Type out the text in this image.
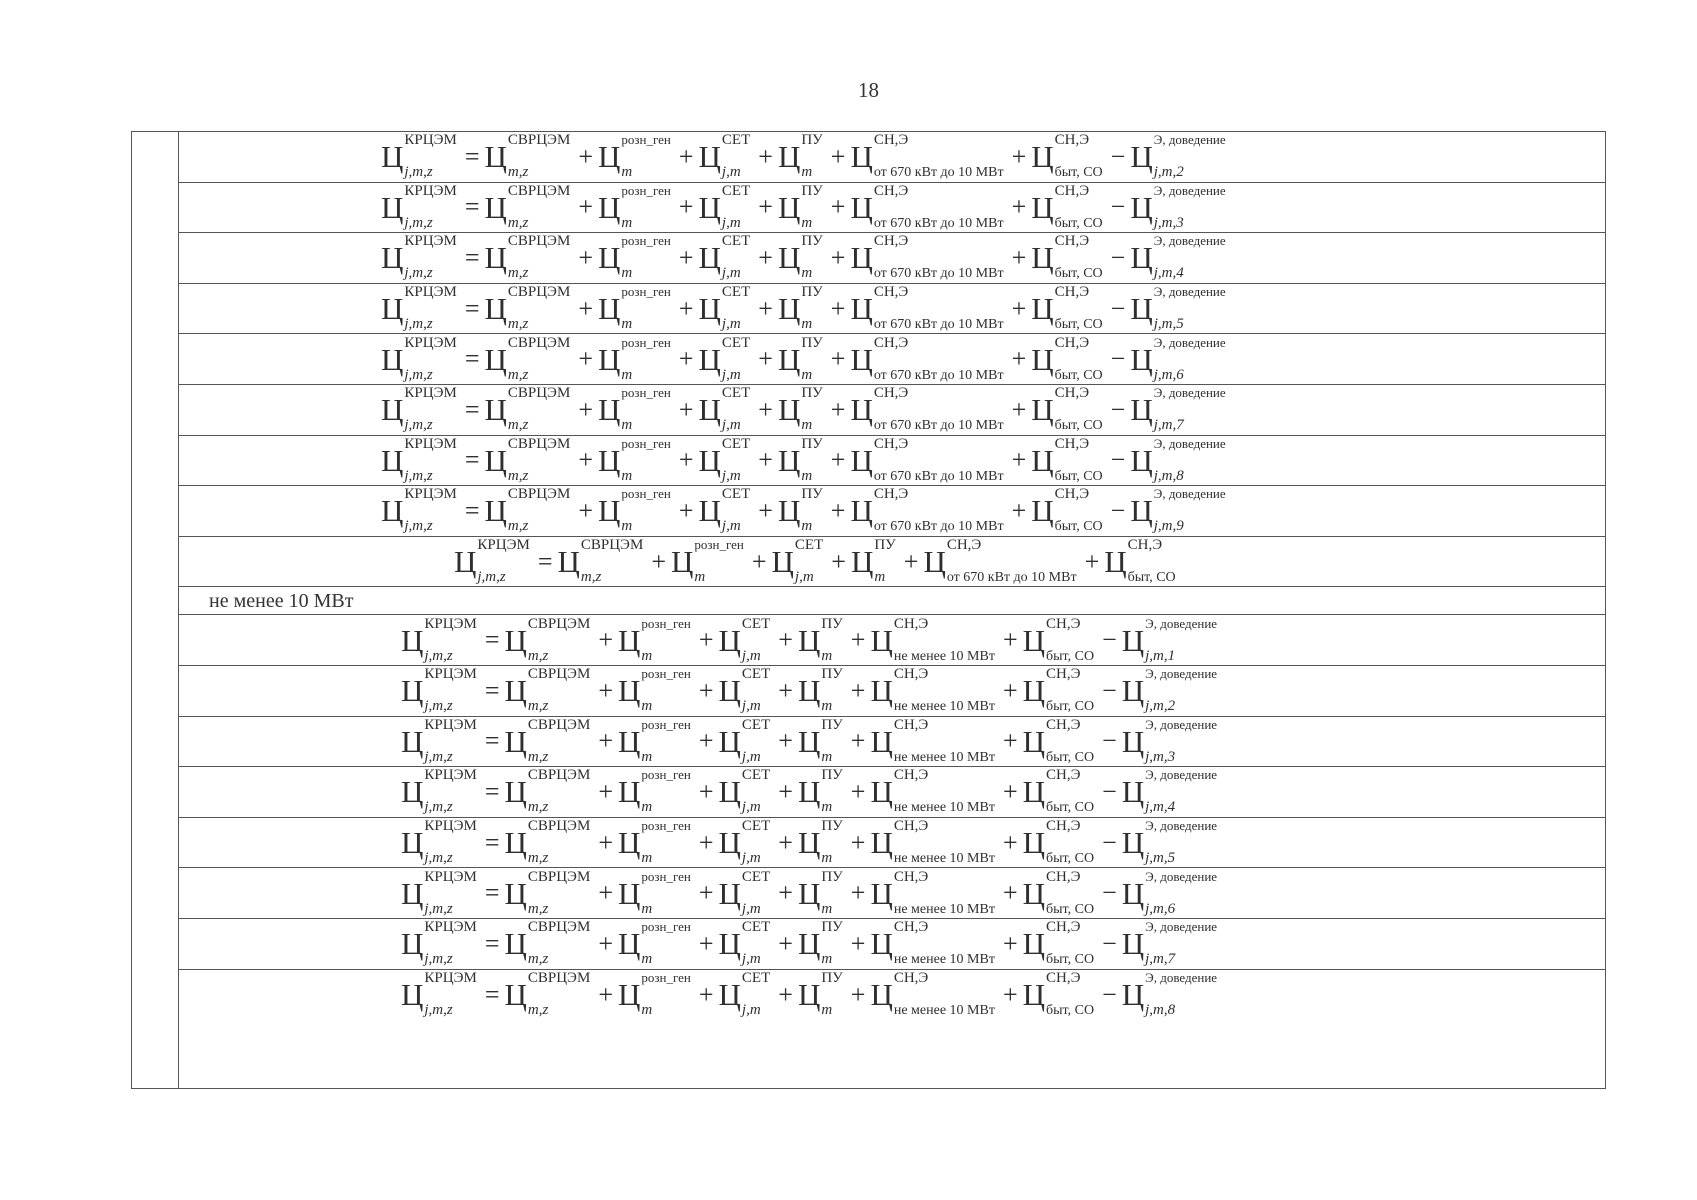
18
Ц КРЦЭМ
j,m,z
= Ц СВРЦЭМ
m,z
+ Ц розн_ген
m
+ Ц СЕТ
j,m
+ Ц ПУ
m
+ Ц СН,Э
от 670 кВт до 10 МВт
+ Ц СН,Э
быт, СО
− Ц Э, доведение
j,m,2
Ц КРЦЭМ
j,m,z
= Ц СВРЦЭМ
m,z
+ Ц розн_ген
m
+ Ц СЕТ
j,m
+ Ц ПУ
m
+ Ц СН,Э
от 670 кВт до 10 МВт
+ Ц СН,Э
быт, СО
− Ц Э, доведение
j,m,3
Ц КРЦЭМ
j,m,z
= Ц СВРЦЭМ
m,z
+ Ц розн_ген
m
+ Ц СЕТ
j,m
+ Ц ПУ
m
+ Ц СН,Э
от 670 кВт до 10 МВт
+ Ц СН,Э
быт, СО
− Ц Э, доведение
j,m,4
Ц КРЦЭМ
j,m,z
= Ц СВРЦЭМ
m,z
+ Ц розн_ген
m
+ Ц СЕТ
j,m
+ Ц ПУ
m
+ Ц СН,Э
от 670 кВт до 10 МВт
+ Ц СН,Э
быт, СО
− Ц Э, доведение
j,m,5
Ц КРЦЭМ
j,m,z
= Ц СВРЦЭМ
m,z
+ Ц розн_ген
m
+ Ц СЕТ
j,m
+ Ц ПУ
m
+ Ц СН,Э
от 670 кВт до 10 МВт
+ Ц СН,Э
быт, СО
− Ц Э, доведение
j,m,6
Ц КРЦЭМ
j,m,z
= Ц СВРЦЭМ
m,z
+ Ц розн_ген
m
+ Ц СЕТ
j,m
+ Ц ПУ
m
+ Ц СН,Э
от 670 кВт до 10 МВт
+ Ц СН,Э
быт, СО
− Ц Э, доведение
j,m,7
Ц КРЦЭМ
j,m,z
= Ц СВРЦЭМ
m,z
+ Ц розн_ген
m
+ Ц СЕТ
j,m
+ Ц ПУ
m
+ Ц СН,Э
от 670 кВт до 10 МВт
+ Ц СН,Э
быт, СО
− Ц Э, доведение
j,m,8
Ц КРЦЭМ
j,m,z
= Ц СВРЦЭМ
m,z
+ Ц розн_ген
m
+ Ц СЕТ
j,m
+ Ц ПУ
m
+ Ц СН,Э
от 670 кВт до 10 МВт
+ Ц СН,Э
быт, СО
− Ц Э, доведение
j,m,9
Ц КРЦЭМ
j,m,z
= Ц СВРЦЭМ
m,z
+ Ц розн_ген
m
+ Ц СЕТ
j,m
+ Ц ПУ
m
+ Ц СН,Э
от 670 кВт до 10 МВт
+ Ц СН,Э
быт, СО
не менее 10 МВт
Ц КРЦЭМ
j,m,z
= Ц СВРЦЭМ
m,z
+ Ц розн_ген
m
+ Ц СЕТ
j,m
+ Ц ПУ
m
+ Ц СН,Э
не менее 10 МВт
+ Ц СН,Э
быт, СО
− Ц Э, доведение
j,m,1
Ц КРЦЭМ
j,m,z
= Ц СВРЦЭМ
m,z
+ Ц розн_ген
m
+ Ц СЕТ
j,m
+ Ц ПУ
m
+ Ц СН,Э
не менее 10 МВт
+ Ц СН,Э
быт, СО
− Ц Э, доведение
j,m,2
Ц КРЦЭМ
j,m,z
= Ц СВРЦЭМ
m,z
+ Ц розн_ген
m
+ Ц СЕТ
j,m
+ Ц ПУ
m
+ Ц СН,Э
не менее 10 МВт
+ Ц СН,Э
быт, СО
− Ц Э, доведение
j,m,3
Ц КРЦЭМ
j,m,z
= Ц СВРЦЭМ
m,z
+ Ц розн_ген
m
+ Ц СЕТ
j,m
+ Ц ПУ
m
+ Ц СН,Э
не менее 10 МВт
+ Ц СН,Э
быт, СО
− Ц Э, доведение
j,m,4
Ц КРЦЭМ
j,m,z
= Ц СВРЦЭМ
m,z
+ Ц розн_ген
m
+ Ц СЕТ
j,m
+ Ц ПУ
m
+ Ц СН,Э
не менее 10 МВт
+ Ц СН,Э
быт, СО
− Ц Э, доведение
j,m,5
Ц КРЦЭМ
j,m,z
= Ц СВРЦЭМ
m,z
+ Ц розн_ген
m
+ Ц СЕТ
j,m
+ Ц ПУ
m
+ Ц СН,Э
не менее 10 МВт
+ Ц СН,Э
быт, СО
− Ц Э, доведение
j,m,6
Ц КРЦЭМ
j,m,z
= Ц СВРЦЭМ
m,z
+ Ц розн_ген
m
+ Ц СЕТ
j,m
+ Ц ПУ
m
+ Ц СН,Э
не менее 10 МВт
+ Ц СН,Э
быт, СО
− Ц Э, доведение
j,m,7
Ц КРЦЭМ
j,m,z
= Ц СВРЦЭМ
m,z
+ Ц розн_ген
m
+ Ц СЕТ
j,m
+ Ц ПУ
m
+ Ц СН,Э
не менее 10 МВт
+ Ц СН,Э
быт, СО
− Ц Э, доведение
j,m,8
